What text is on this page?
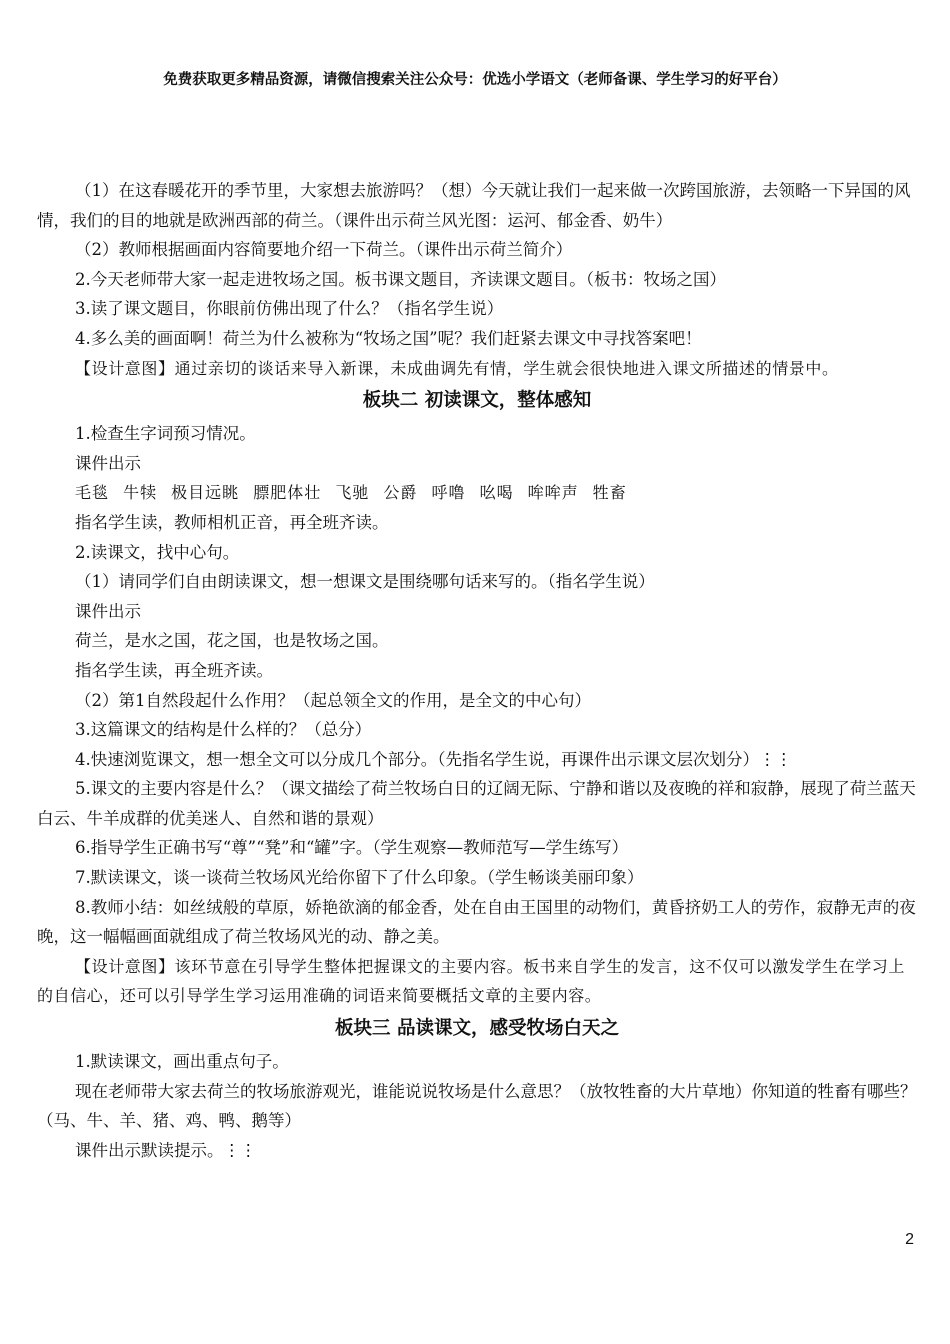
免费获取更多精品资源，请微信搜索关注公众号：优选小学语文（老师备课、学生学习的好平台）

（1）在这春暖花开的季节里，大家想去旅游吗？（想）今天就让我们一起来做一次跨国旅游，去领略一下异国的风情，我们的目的地就是欧洲西部的荷兰。（课件出示荷兰风光图：运河、郁金香、奶牛）

（2）教师根据画面内容简要地介绍一下荷兰。（课件出示荷兰简介）

2.今天老师带大家一起走进牧场之国。板书课文题目，齐读课文题目。（板书：牧场之国）

3.读了课文题目，你眼前仿佛出现了什么？（指名学生说）

4.多么美的画面啊！荷兰为什么被称为“牧场之国”呢？我们赶紧去课文中寻找答案吧！

【设计意图】通过亲切的谈话来导入新课，未成曲调先有情，学生就会很快地进入课文所描述的情景中。

板块二 初读课文，整体感知

1.检查生字词预习情况。

课件出示

毛毯 牛犊 极目远眺 膘肥体壮 飞驰 公爵 呼噜 吆喝 哞哞声 牲畜

指名学生读，教师相机正音，再全班齐读。

2.读课文，找中心句。

（1）请同学们自由朗读课文，想一想课文是围绕哪句话来写的。（指名学生说）

课件出示

荷兰，是水之国，花之国，也是牧场之国。

指名学生读，再全班齐读。

（2）第1自然段起什么作用？（起总领全文的作用，是全文的中心句）

3.这篇课文的结构是什么样的？（总分）

4.快速浏览课文，想一想全文可以分成几个部分。（先指名学生说，再课件出示课文层次划分）⋮⋮

5.课文的主要内容是什么？（课文描绘了荷兰牧场白日的辽阔无际、宁静和谐以及夜晚的祥和寂静，展现了荷兰蓝天白云、牛羊成群的优美迷人、自然和谐的景观）

6.指导学生正确书写“尊”“凳”和“罐”字。（学生观察—教师范写—学生练写）

7.默读课文，谈一谈荷兰牧场风光给你留下了什么印象。（学生畅谈美丽印象）

8.教师小结：如丝绒般的草原，娇艳欲滴的郁金香，处在自由王国里的动物们，黄昏挤奶工人的劳作，寂静无声的夜晚，这一幅幅画面就组成了荷兰牧场风光的动、静之美。

【设计意图】该环节意在引导学生整体把握课文的主要内容。板书来自学生的发言，这不仅可以激发学生在学习上的自信心，还可以引导学生学习运用准确的词语来简要概括文章的主要内容。

板块三 品读课文，感受牧场白天之

1.默读课文，画出重点句子。

现在老师带大家去荷兰的牧场旅游观光，谁能说说牧场是什么意思？（放牧牲畜的大片草地）你知道的牲畜有哪些？（马、牛、羊、猪、鸡、鸭、鹅等）

课件出示默读提示。⋮⋮

2
